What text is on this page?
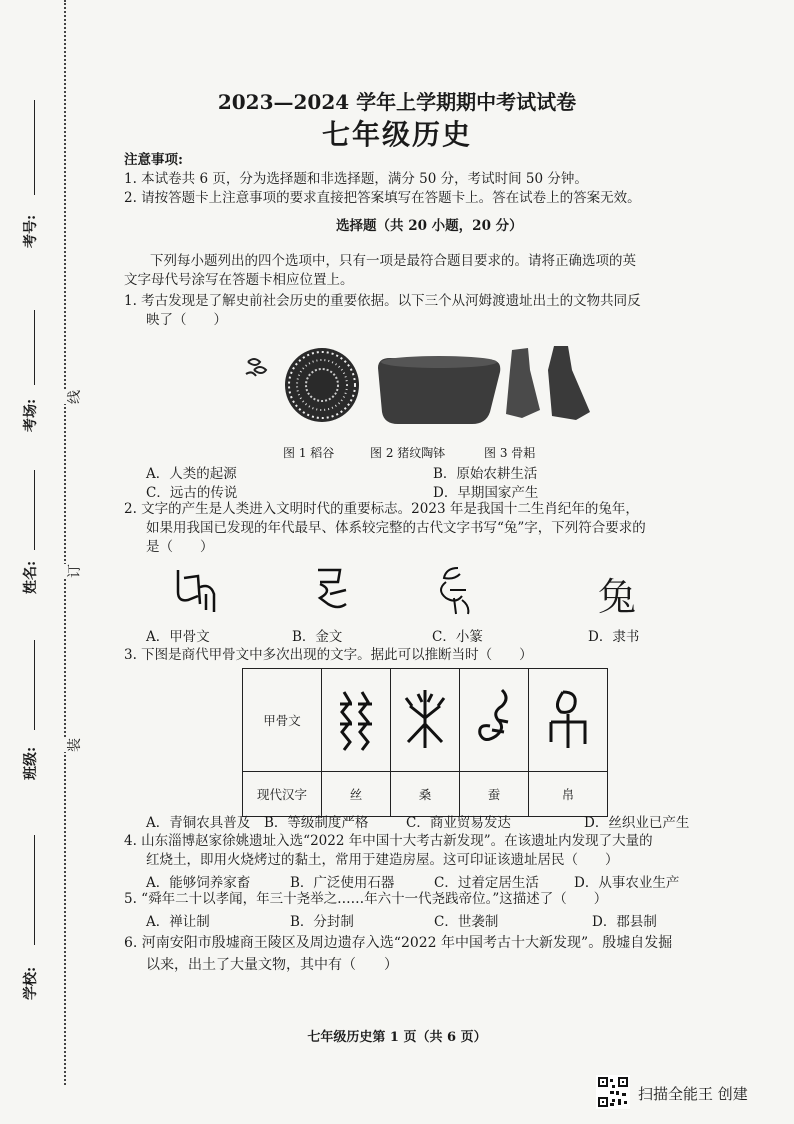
考号:
考场:
姓名:
班级:
学校:
线
订
装
2023—2024 学年上学期期中考试试卷
七年级历史
注意事项:
1. 本试卷共 6 页，分为选择题和非选择题，满分 50 分，考试时间 50 分钟。
2. 请按答题卡上注意事项的要求直接把答案填写在答题卡上。答在试卷上的答案无效。
选择题（共 20 小题，20 分）
下列每小题列出的四个选项中，只有一项是最符合题目要求的。请将正确选项的英
文字母代号涂写在答题卡相应位置上。
1. 考古发现是了解史前社会历史的重要依据。以下三个从河姆渡遗址出土的文物共同反
映了（　　）
图 1 稻谷	图 2 猪纹陶钵	图 3 骨耜
A．人类的起源	B．原始农耕生活
C．远古的传说	D．早期国家产生
2. 文字的产生是人类进入文明时代的重要标志。2023 年是我国十二生肖纪年的兔年，
如果用我国已发现的年代最早、体系较完整的古代文字书写“兔”字，下列符合要求的
是（　　）
兔
A．甲骨文	B．金文	C．小篆	D．隶书
3. 下图是商代甲骨文中多次出现的文字。据此可以推断当时（　　）
甲骨文				
现代汉字	丝	桑	蚕	帛
A．青铜农具普及 B．等级制度严格	C．商业贸易发达	D．丝织业已产生
4. 山东淄博赵家徐姚遗址入选“2022 年中国十大考古新发现”。在该遗址内发现了大量的
红烧土，即用火烧烤过的黏土，常用于建造房屋。这可印证该遗址居民（　　）
A．能够饲养家畜	B．广泛使用石器	C．过着定居生活	D．从事农业生产
5. “舜年二十以孝闻，年三十尧举之……年六十一代尧践帝位。”这描述了（　　）
A．禅让制	B．分封制	C．世袭制	D．郡县制
6. 河南安阳市殷墟商王陵区及周边遗存入选“2022 年中国考古十大新发现”。殷墟自发掘
以来，出土了大量文物，其中有（　　）
七年级历史第 1 页（共 6 页）
扫描全能王 创建
